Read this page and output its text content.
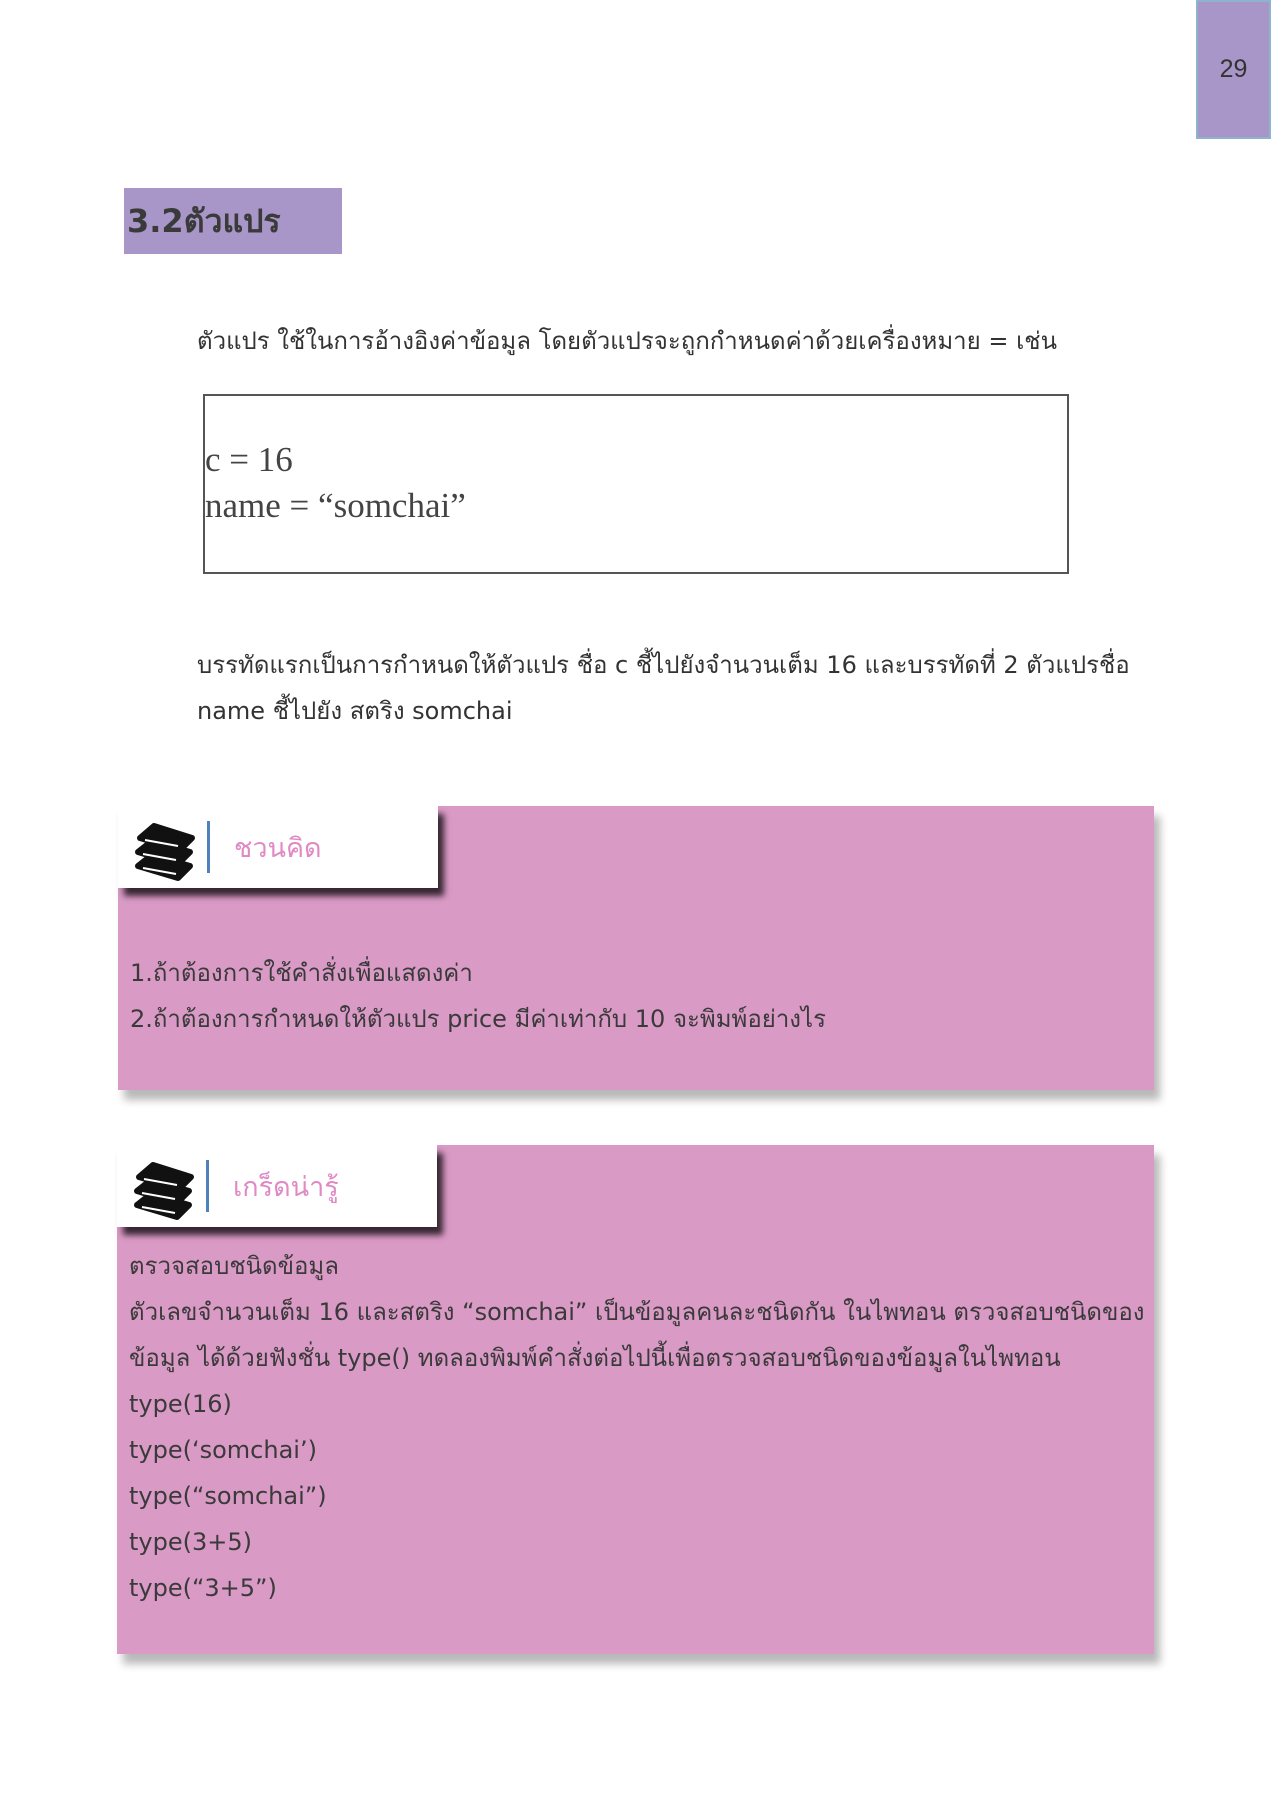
29
3.2ตัวแปร

ตัวแปร ใช้ในการอ้างอิงค่าข้อมูล โดยตัวแปรจะถูกกำหนดค่าด้วยเครื่องหมาย = เช่น

c = 16
name = “somchai”
บรรทัดแรกเป็นการกำหนดให้ตัวแปร ชื่อ c ชี้ไปยังจำนวนเต็ม 16 และบรรทัดที่ 2 ตัวแปรชื่อ
name ชี้ไปยัง สตริง somchai
ชวนคิด
1.ถ้าต้องการใช้คำสั่งเพื่อแสดงค่า
2.ถ้าต้องการกำหนดให้ตัวแปร price มีค่าเท่ากับ 10 จะพิมพ์อย่างไร
เกร็ดน่ารู้
ตรวจสอบชนิดข้อมูล
ตัวเลขจำนวนเต็ม 16 และสตริง “somchai” เป็นข้อมูลคนละชนิดกัน ในไพทอน ตรวจสอบชนิดของ
ข้อมูล ได้ด้วยฟังชั่น type() ทดลองพิมพ์คำสั่งต่อไปนี้เพื่อตรวจสอบชนิดของข้อมูลในไพทอน
type(16)
type(‘somchai’)
type(“somchai”)
type(3+5)
type(“3+5”)
